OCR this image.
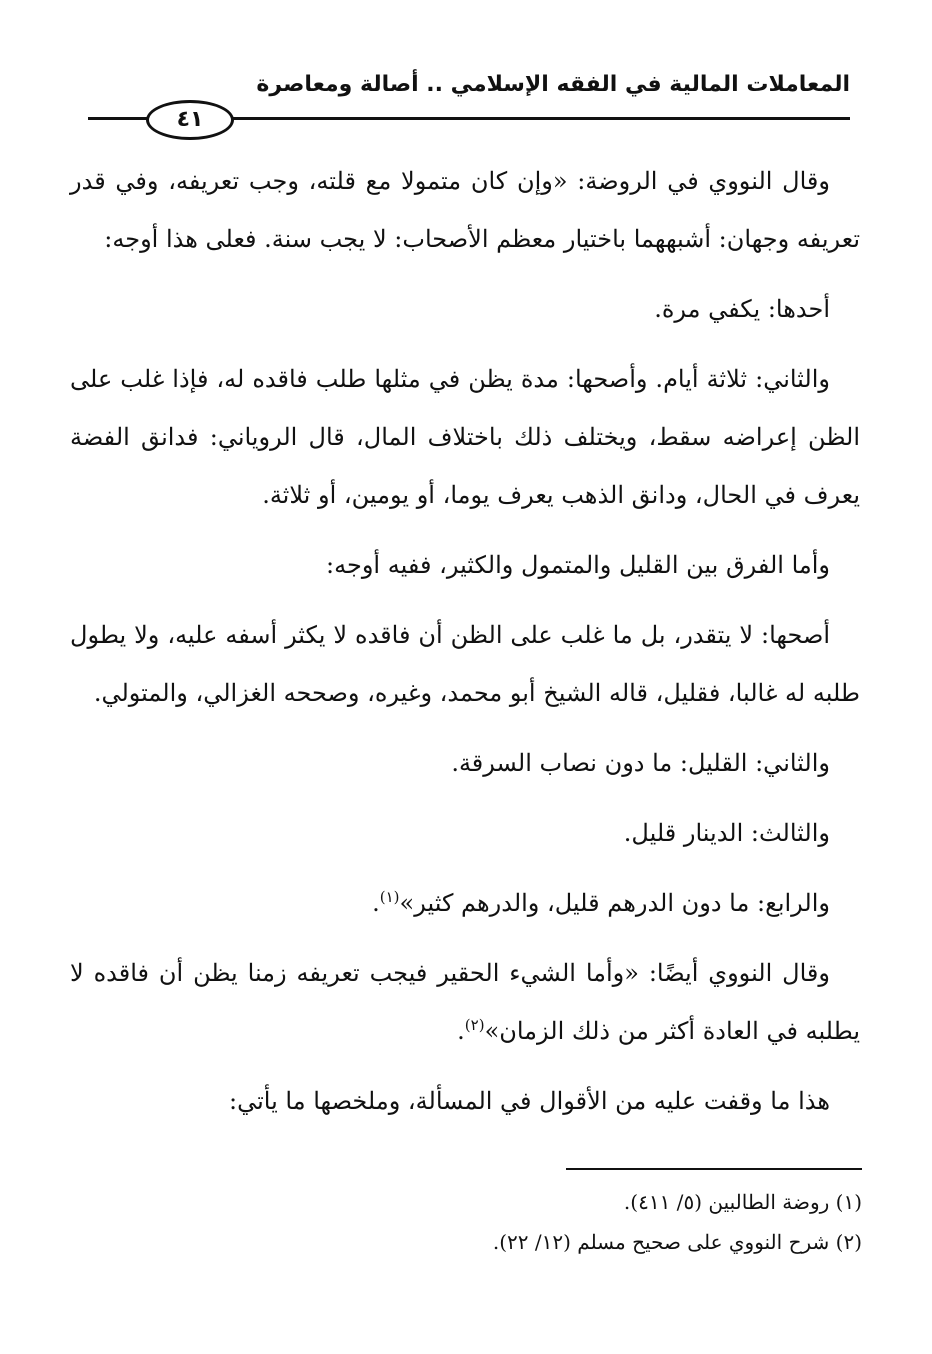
المعاملات المالية في الفقه الإسلامي .. أصالة ومعاصرة
٤١

وقال النووي في الروضة: «وإن كان متمولا مع قلته، وجب تعريفه، وفي قدر تعريفه وجهان: أشبههما باختيار معظم الأصحاب: لا يجب سنة. فعلى هذا أوجه:

أحدها: يكفي مرة.

والثاني: ثلاثة أيام. وأصحها: مدة يظن في مثلها طلب فاقده له، فإذا غلب على الظن إعراضه سقط، ويختلف ذلك باختلاف المال، قال الروياني: فدانق الفضة يعرف في الحال، ودانق الذهب يعرف يوما، أو يومين، أو ثلاثة.

وأما الفرق بين القليل والمتمول والكثير، ففيه أوجه:

أصحها: لا يتقدر، بل ما غلب على الظن أن فاقده لا يكثر أسفه عليه، ولا يطول طلبه له غالبا، فقليل، قاله الشيخ أبو محمد، وغيره، وصححه الغزالي، والمتولي.

والثاني: القليل: ما دون نصاب السرقة.

والثالث: الدينار قليل.

والرابع: ما دون الدرهم قليل، والدرهم كثير»$^{(١)}$.

وقال النووي أيضًا: «وأما الشيء الحقير فيجب تعريفه زمنا يظن أن فاقده لا يطلبه في العادة أكثر من ذلك الزمان»$^{(٢)}$.

هذا ما وقفت عليه من الأقوال في المسألة، وملخصها ما يأتي:

(١) روضة الطالبين (٥/ ٤١١).
(٢) شرح النووي على صحيح مسلم (١٢/ ٢٢).
